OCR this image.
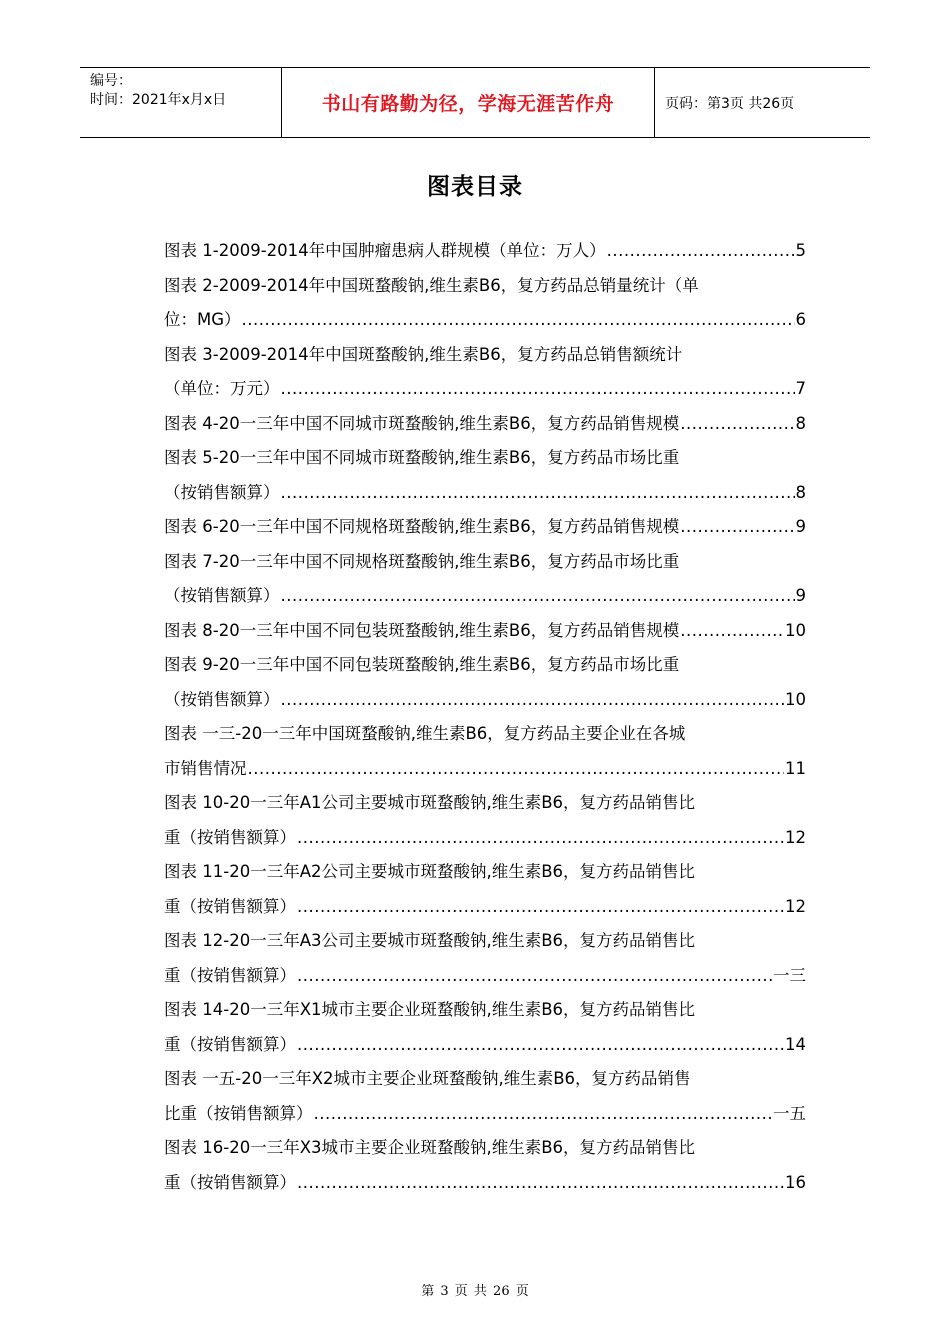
编号：
时间：2021年x月x日	书山有路勤为径，学海无涯苦作舟	页码：第3页 共26页
图表目录
图表 1-2009-2014年中国肿瘤患病人群规模（单位：万人） .....	5
图表 2-2009-2014年中国斑蝥酸钠,维生素B6，复方药品总销量统计（单
位：MG） .....	6
图表 3-2009-2014年中国斑蝥酸钠,维生素B6，复方药品总销售额统计
（单位：万元） .....	7
图表 4-20一三年中国不同城市斑蝥酸钠,维生素B6，复方药品销售规模 .....	8
图表 5-20一三年中国不同城市斑蝥酸钠,维生素B6，复方药品市场比重
（按销售额算） .....	8
图表 6-20一三年中国不同规格斑蝥酸钠,维生素B6，复方药品销售规模 .....	9
图表 7-20一三年中国不同规格斑蝥酸钠,维生素B6，复方药品市场比重
（按销售额算） .....	9
图表 8-20一三年中国不同包装斑蝥酸钠,维生素B6，复方药品销售规模 .....	10
图表 9-20一三年中国不同包装斑蝥酸钠,维生素B6，复方药品市场比重
（按销售额算） .....	10
图表 一三-20一三年中国斑蝥酸钠,维生素B6，复方药品主要企业在各城
市销售情况 .....	11
图表 10-20一三年A1公司主要城市斑蝥酸钠,维生素B6，复方药品销售比
重（按销售额算） .....	12
图表 11-20一三年A2公司主要城市斑蝥酸钠,维生素B6，复方药品销售比
重（按销售额算） .....	12
图表 12-20一三年A3公司主要城市斑蝥酸钠,维生素B6，复方药品销售比
重（按销售额算） .....	一三
图表 14-20一三年X1城市主要企业斑蝥酸钠,维生素B6，复方药品销售比
重（按销售额算） .....	14
图表 一五-20一三年X2城市主要企业斑蝥酸钠,维生素B6，复方药品销售
比重（按销售额算） .....	一五
图表 16-20一三年X3城市主要企业斑蝥酸钠,维生素B6，复方药品销售比
重（按销售额算） .....	16
第 3 页 共 26 页
